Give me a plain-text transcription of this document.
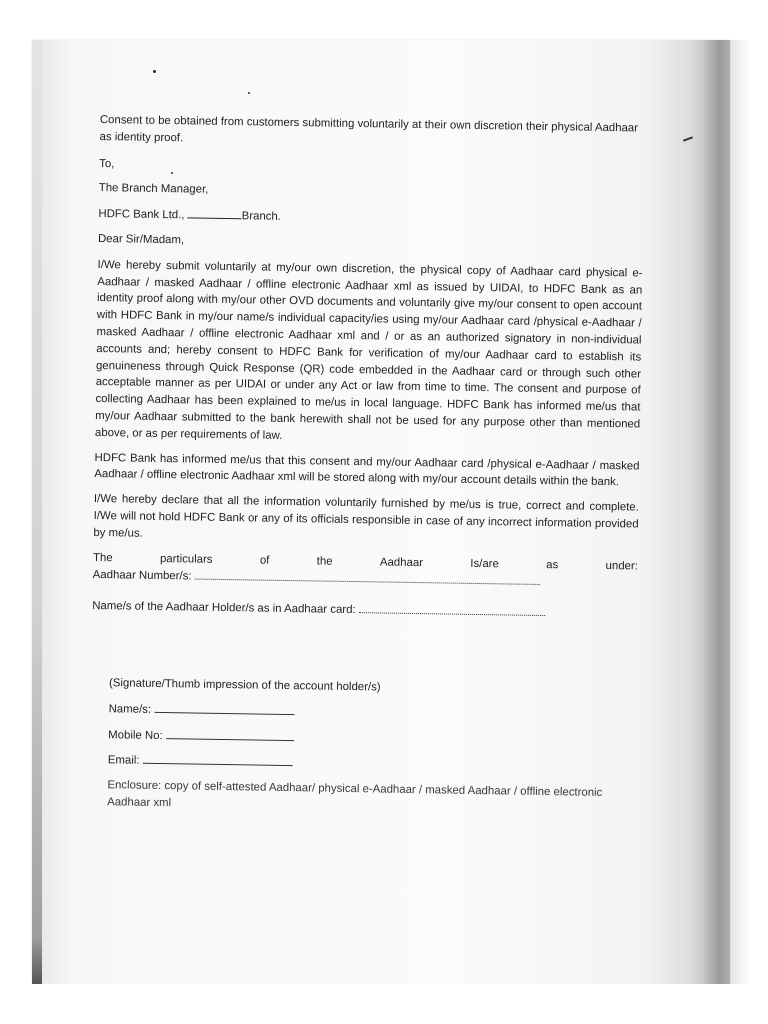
Consent to be obtained from customers submitting voluntarily at their own discretion their physical Aadhaar as identity proof.

To,

The Branch Manager,

HDFC Bank Ltd.,	Branch.

Dear Sir/Madam,

I/We hereby submit voluntarily at my/our own discretion, the physical copy of Aadhaar card physical e-Aadhaar / masked Aadhaar / offline electronic Aadhaar xml as issued by UIDAI, to HDFC Bank as an identity proof along with my/our other OVD documents and voluntarily give my/our consent to open account with HDFC Bank in my/our name/s individual capacity/ies using my/our Aadhaar card /physical e-Aadhaar / masked Aadhaar / offline electronic Aadhaar xml and / or as an authorized signatory in non-individual accounts and; hereby consent to HDFC Bank for verification of my/our Aadhaar card to establish its genuineness through Quick Response (QR) code embedded in the Aadhaar card or through such other acceptable manner as per UIDAI or under any Act or law from time to time. The consent and purpose of collecting Aadhaar has been explained to me/us in local language. HDFC Bank has informed me/us that my/our Aadhaar submitted to the bank herewith shall not be used for any purpose other than mentioned above, or as per requirements of law.

HDFC Bank has informed me/us that this consent and my/our Aadhaar card /physical e-Aadhaar / masked Aadhaar / offline electronic Aadhaar xml will be stored along with my/our account details within the bank.

I/We hereby declare that all the information voluntarily furnished by me/us is true, correct and complete. I/We will not hold HDFC Bank or any of its officials responsible in case of any incorrect information provided by me/us.

The	particulars	of	the	Aadhaar	Is/are	as	under:

Aadhaar Number/s:

Name/s of the Aadhaar Holder/s as in Aadhaar card:

(Signature/Thumb impression of the account holder/s)

Name/s:

Mobile No:

Email:

Enclosure: copy of self-attested Aadhaar/ physical e-Aadhaar / masked Aadhaar / offline electronic Aadhaar xml
